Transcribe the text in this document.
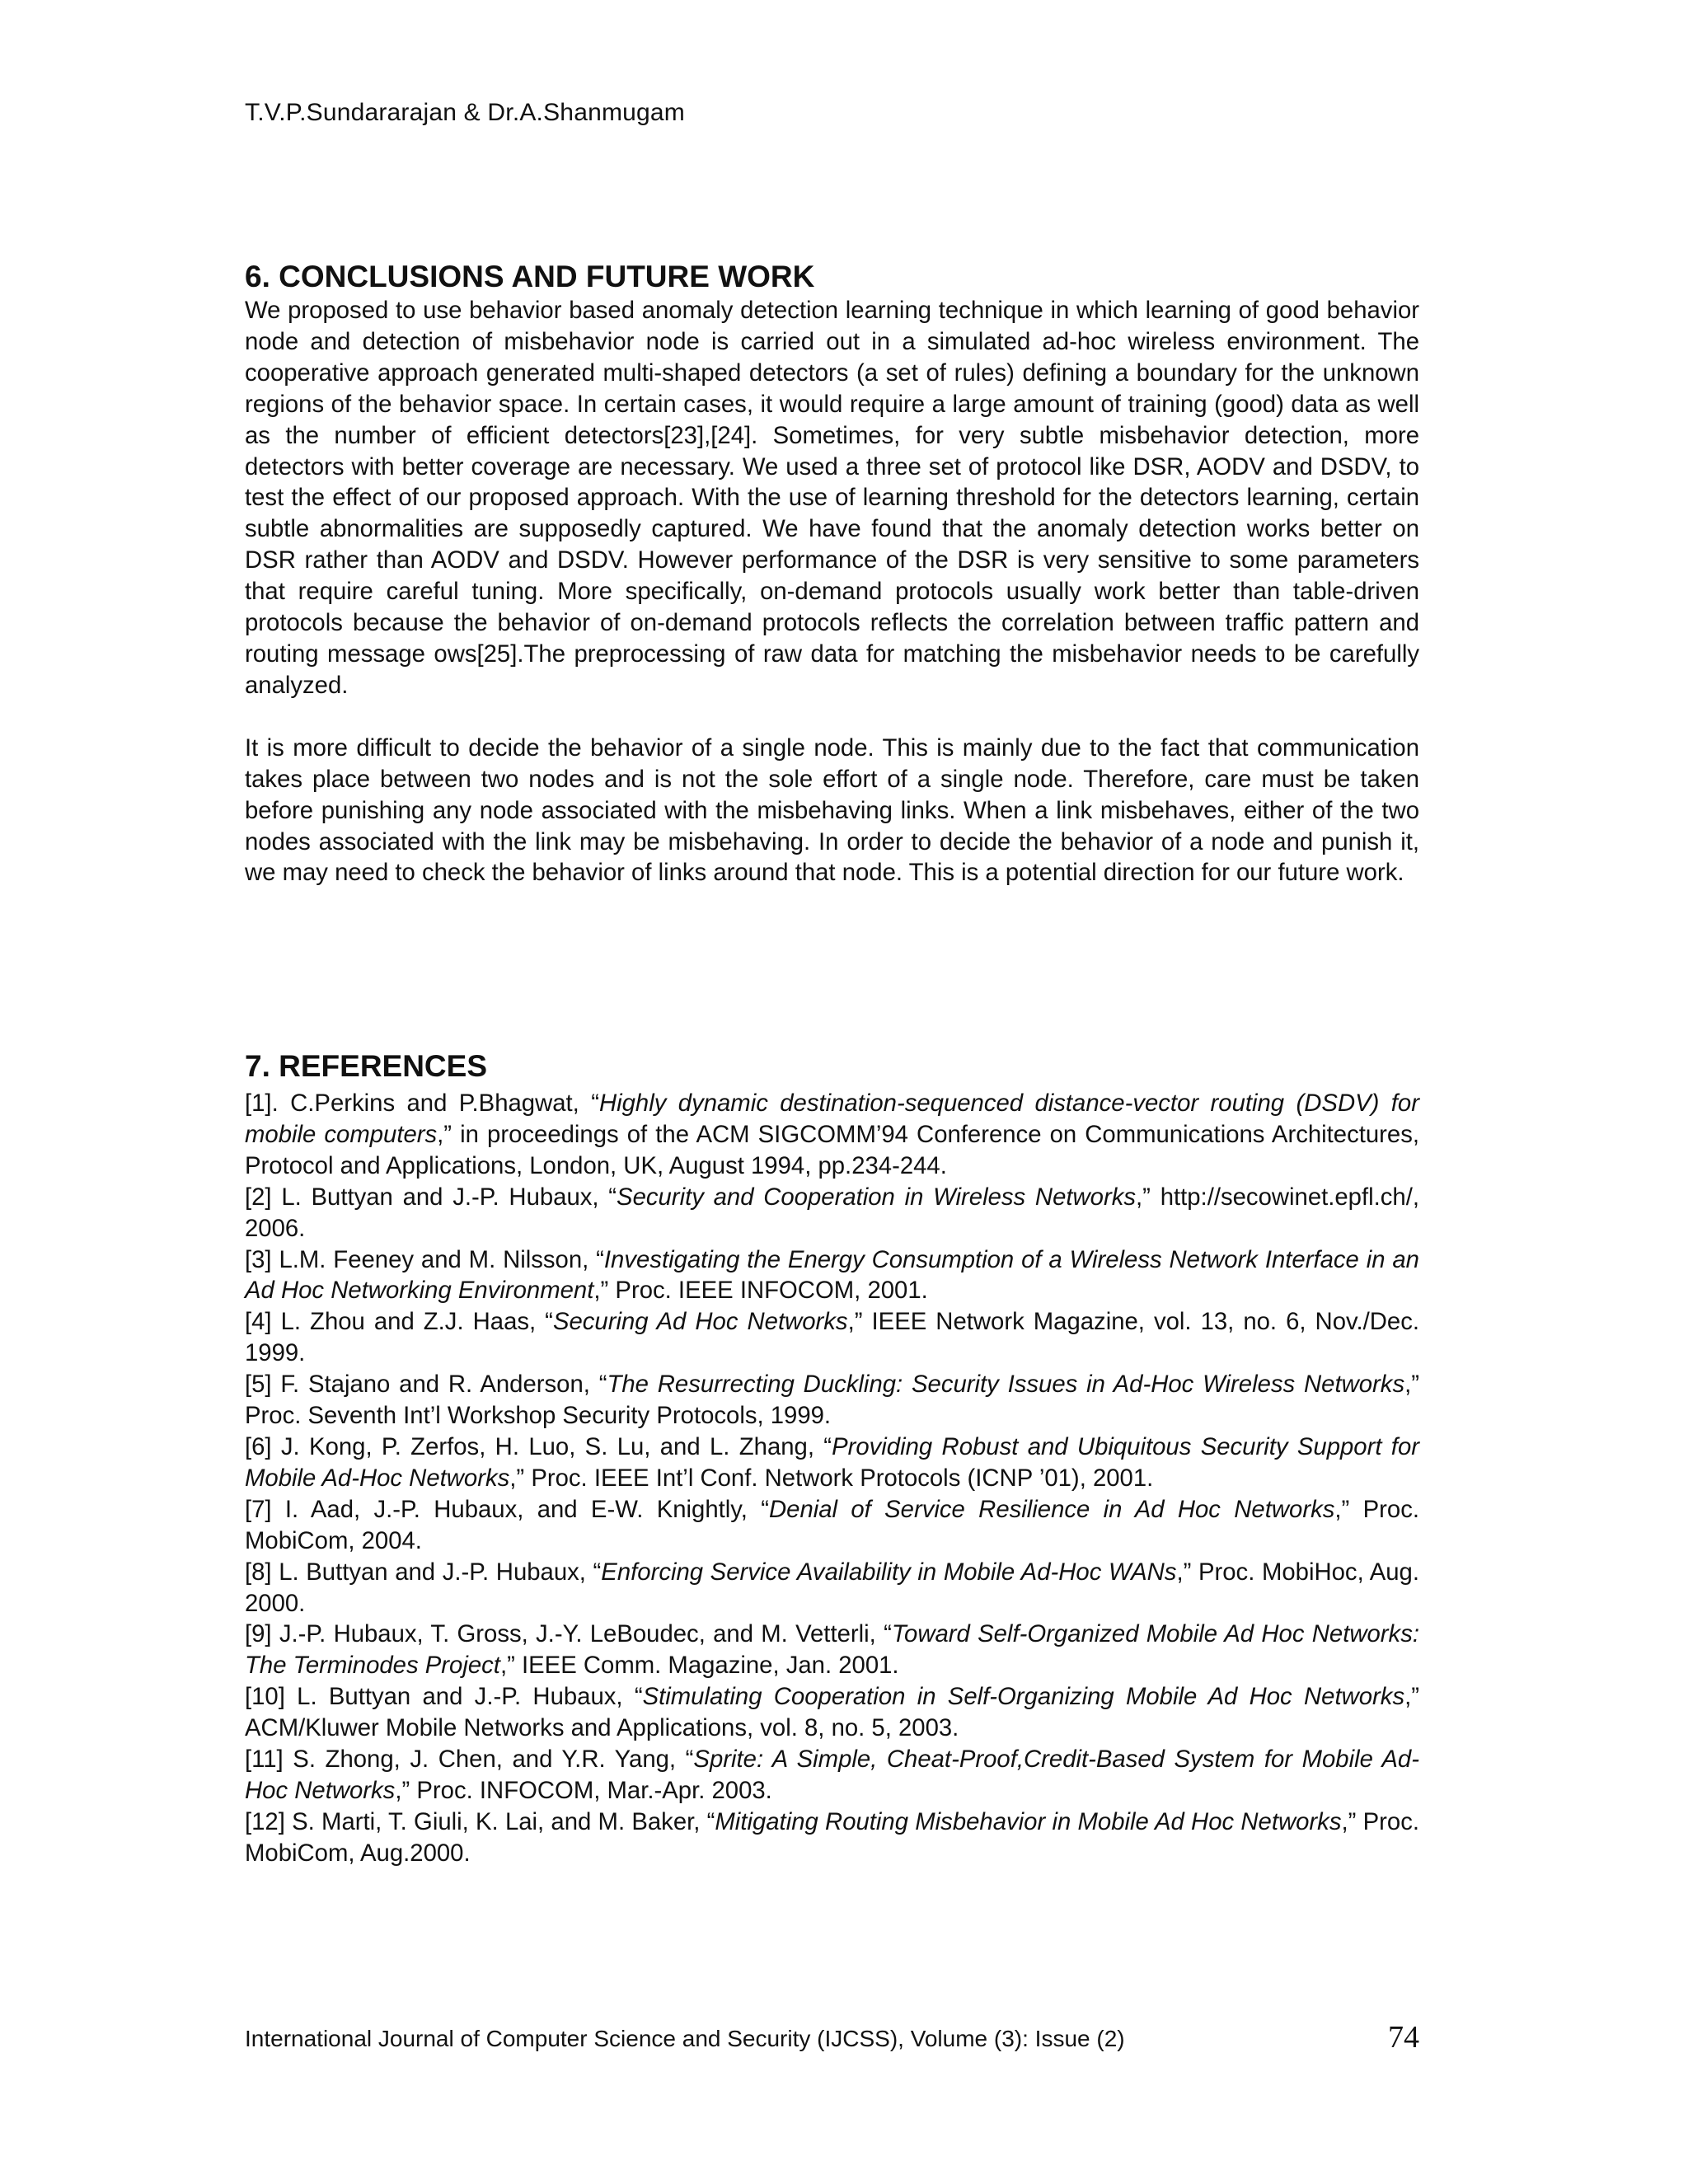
T.V.P.Sundararajan & Dr.A.Shanmugam
6. CONCLUSIONS AND FUTURE WORK

We proposed to use behavior based anomaly detection learning technique in which learning of good behavior node and detection of misbehavior node is carried out in a simulated ad-hoc wireless environment. The cooperative approach generated multi-shaped detectors (a set of rules) defining a boundary for the unknown regions of the behavior space. In certain cases, it would require a large amount of training (good) data as well as the number of efficient detectors[23],[24]. Sometimes, for very subtle misbehavior detection, more detectors with better coverage are necessary. We used a three set of protocol like DSR, AODV and DSDV, to test the effect of our proposed approach. With the use of learning threshold for the detectors learning, certain subtle abnormalities are supposedly captured. We have found that the anomaly detection works better on DSR rather than AODV and DSDV. However performance of the DSR is very sensitive to some parameters that require careful tuning. More specifically, on-demand protocols usually work better than table-driven protocols because the behavior of on-demand protocols reflects the correlation between traffic pattern and routing message ows[25].The preprocessing of raw data for matching the misbehavior needs to be carefully analyzed.

It is more difficult to decide the behavior of a single node. This is mainly due to the fact that communication takes place between two nodes and is not the sole effort of a single node. Therefore, care must be taken before punishing any node associated with the misbehaving links. When a link misbehaves, either of the two nodes associated with the link may be misbehaving. In order to decide the behavior of a node and punish it, we may need to check the behavior of links around that node. This is a potential direction for our future work.

7. REFERENCES

[1]. C.Perkins and P.Bhagwat, “Highly dynamic destination-sequenced distance-vector routing (DSDV) for mobile computers,” in proceedings of the ACM SIGCOMM’94 Conference on Communications Architectures, Protocol and Applications, London, UK, August 1994, pp.234-244.

[2] L. Buttyan and J.-P. Hubaux, “Security and Cooperation in Wireless Networks,” http://secowinet.epfl.ch/, 2006.

[3] L.M. Feeney and M. Nilsson, “Investigating the Energy Consumption of a Wireless Network Interface in an Ad Hoc Networking Environment,” Proc. IEEE INFOCOM, 2001.

[4] L. Zhou and Z.J. Haas, “Securing Ad Hoc Networks,” IEEE Network Magazine, vol. 13, no. 6, Nov./Dec. 1999.

[5] F. Stajano and R. Anderson, “The Resurrecting Duckling: Security Issues in Ad-Hoc Wireless Networks,” Proc. Seventh Int’l Workshop Security Protocols, 1999.

[6] J. Kong, P. Zerfos, H. Luo, S. Lu, and L. Zhang, “Providing Robust and Ubiquitous Security Support for Mobile Ad-Hoc Networks,” Proc. IEEE Int’l Conf. Network Protocols (ICNP ’01), 2001.

[7] I. Aad, J.-P. Hubaux, and E-W. Knightly, “Denial of Service Resilience in Ad Hoc Networks,” Proc. MobiCom, 2004.

[8] L. Buttyan and J.-P. Hubaux, “Enforcing Service Availability in Mobile Ad-Hoc WANs,” Proc. MobiHoc, Aug. 2000.

[9] J.-P. Hubaux, T. Gross, J.-Y. LeBoudec, and M. Vetterli, “Toward Self-Organized Mobile Ad Hoc Networks: The Terminodes Project,” IEEE Comm. Magazine, Jan. 2001.

[10] L. Buttyan and J.-P. Hubaux, “Stimulating Cooperation in Self-Organizing Mobile Ad Hoc Networks,” ACM/Kluwer Mobile Networks and Applications, vol. 8, no. 5, 2003.

[11] S. Zhong, J. Chen, and Y.R. Yang, “Sprite: A Simple, Cheat-Proof,Credit-Based System for Mobile Ad-Hoc Networks,” Proc. INFOCOM, Mar.-Apr. 2003.

[12] S. Marti, T. Giuli, K. Lai, and M. Baker, “Mitigating Routing Misbehavior in Mobile Ad Hoc Networks,” Proc. MobiCom, Aug.2000.

International Journal of Computer Science and Security (IJCSS), Volume (3): Issue (2)	74
